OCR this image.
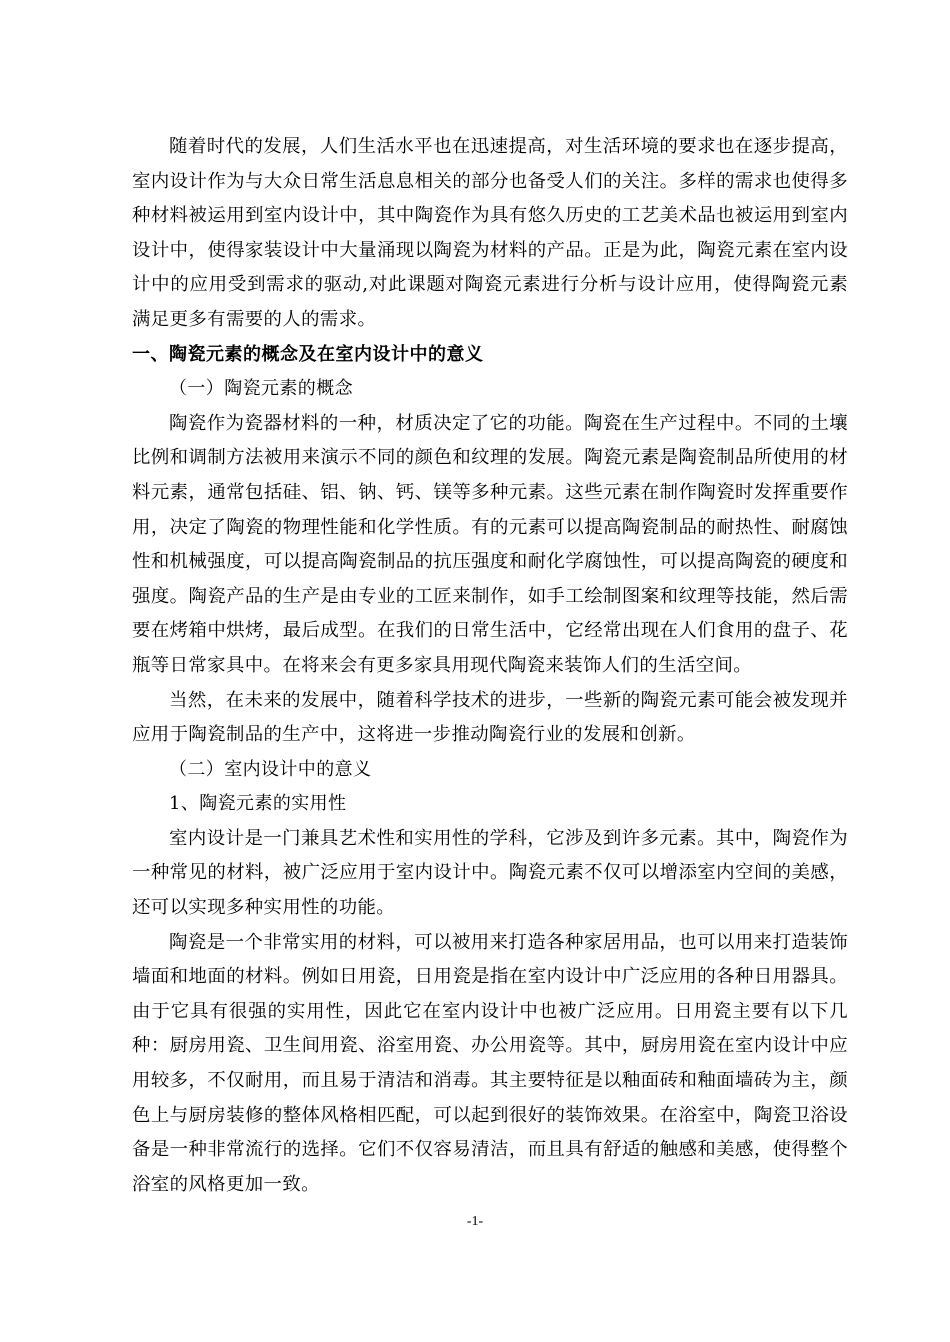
随着时代的发展，人们生活水平也在迅速提高，对生活环境的要求也在逐步提高，室内设计作为与大众日常生活息息相关的部分也备受人们的关注。多样的需求也使得多种材料被运用到室内设计中，其中陶瓷作为具有悠久历史的工艺美术品也被运用到室内设计中，使得家装设计中大量涌现以陶瓷为材料的产品。正是为此，陶瓷元素在室内设计中的应用受到需求的驱动,对此课题对陶瓷元素进行分析与设计应用，使得陶瓷元素满足更多有需要的人的需求。

一、陶瓷元素的概念及在室内设计中的意义

（一）陶瓷元素的概念

陶瓷作为瓷器材料的一种，材质决定了它的功能。陶瓷在生产过程中。不同的土壤比例和调制方法被用来演示不同的颜色和纹理的发展。陶瓷元素是陶瓷制品所使用的材料元素，通常包括硅、铝、钠、钙、镁等多种元素。这些元素在制作陶瓷时发挥重要作用，决定了陶瓷的物理性能和化学性质。有的元素可以提高陶瓷制品的耐热性、耐腐蚀性和机械强度，可以提高陶瓷制品的抗压强度和耐化学腐蚀性，可以提高陶瓷的硬度和强度。陶瓷产品的生产是由专业的工匠来制作，如手工绘制图案和纹理等技能，然后需要在烤箱中烘烤，最后成型。在我们的日常生活中，它经常出现在人们食用的盘子、花瓶等日常家具中。在将来会有更多家具用现代陶瓷来装饰人们的生活空间。

当然，在未来的发展中，随着科学技术的进步，一些新的陶瓷元素可能会被发现并应用于陶瓷制品的生产中，这将进一步推动陶瓷行业的发展和创新。

（二）室内设计中的意义

1、陶瓷元素的实用性

室内设计是一门兼具艺术性和实用性的学科，它涉及到许多元素。其中，陶瓷作为一种常见的材料，被广泛应用于室内设计中。陶瓷元素不仅可以增添室内空间的美感，还可以实现多种实用性的功能。

陶瓷是一个非常实用的材料，可以被用来打造各种家居用品，也可以用来打造装饰墙面和地面的材料。例如日用瓷，日用瓷是指在室内设计中广泛应用的各种日用器具。由于它具有很强的实用性，因此它在室内设计中也被广泛应用。日用瓷主要有以下几种：厨房用瓷、卫生间用瓷、浴室用瓷、办公用瓷等。其中，厨房用瓷在室内设计中应用较多，不仅耐用，而且易于清洁和消毒。其主要特征是以釉面砖和釉面墙砖为主，颜色上与厨房装修的整体风格相匹配，可以起到很好的装饰效果。在浴室中，陶瓷卫浴设备是一种非常流行的选择。它们不仅容易清洁，而且具有舒适的触感和美感，使得整个浴室的风格更加一致。

-1-
